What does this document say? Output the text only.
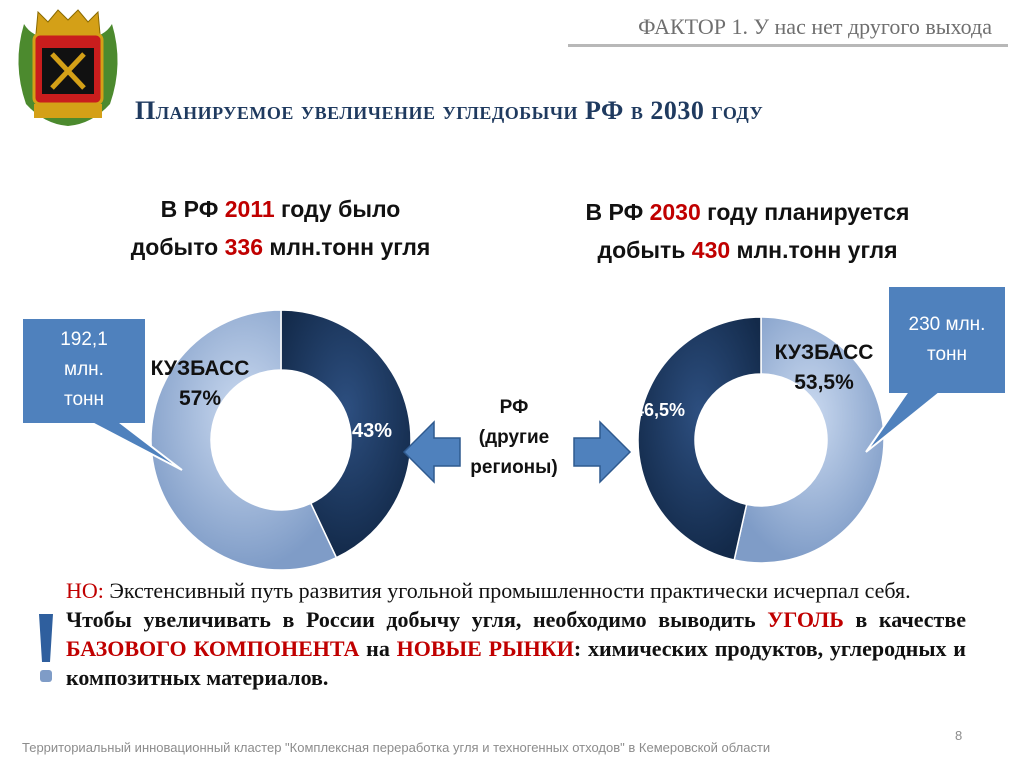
ФАКТОР 1. У нас нет другого выхода
Планируемое увеличение угледобычи РФ в 2030 году
В РФ 2011 году было добыто 336 млн.тонн угля
В РФ 2030 году планируется добыть 430 млн.тонн угля
КУЗБАСС
57%
43%
КУЗБАСС
53,5%
46,5%
РФ
(другие
регионы)
192,1
млн.
тонн
230 млн.
тонн

НО: Экстенсивный путь развития угольной промышленности практически исчерпал себя.

Чтобы увеличивать в России добычу угля, необходимо выводить УГОЛЬ в качестве БАЗОВОГО КОМПОНЕНТА на НОВЫЕ РЫНКИ: химических продуктов, углеродных и композитных материалов.

Территориальный инновационный кластер "Комплексная переработка угля и техногенных отходов" в Кемеровской области
8
